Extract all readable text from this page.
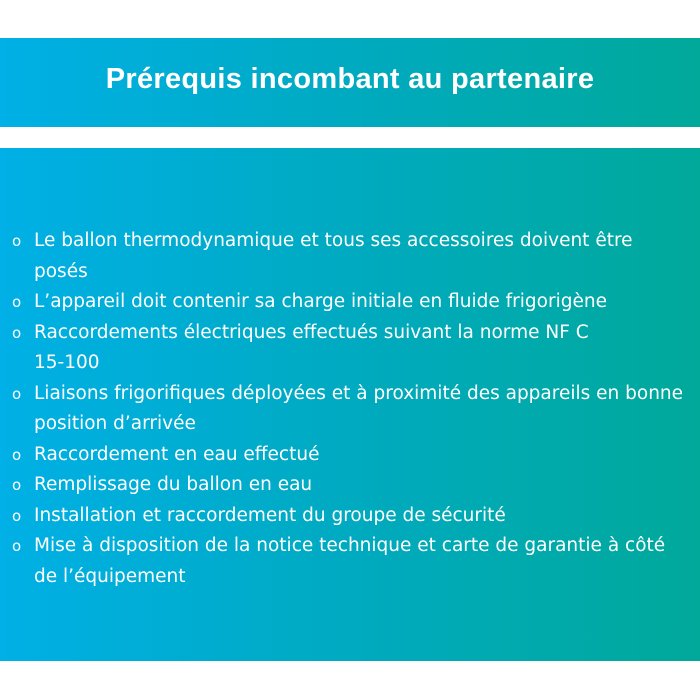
Prérequis incombant au partenaire
o Le ballon thermodynamique et tous ses accessoires doivent être posés
o L’appareil doit contenir sa charge initiale en fluide frigorigène
o Raccordements électriques effectués suivant la norme NF C 15-100
o Liaisons frigorifiques déployées et à proximité des appareils en bonne position d’arrivée
o Raccordement en eau effectué
o Remplissage du ballon en eau
o Installation et raccordement du groupe de sécurité
o Mise à disposition de la notice technique et carte de garantie à côté de l’équipement
